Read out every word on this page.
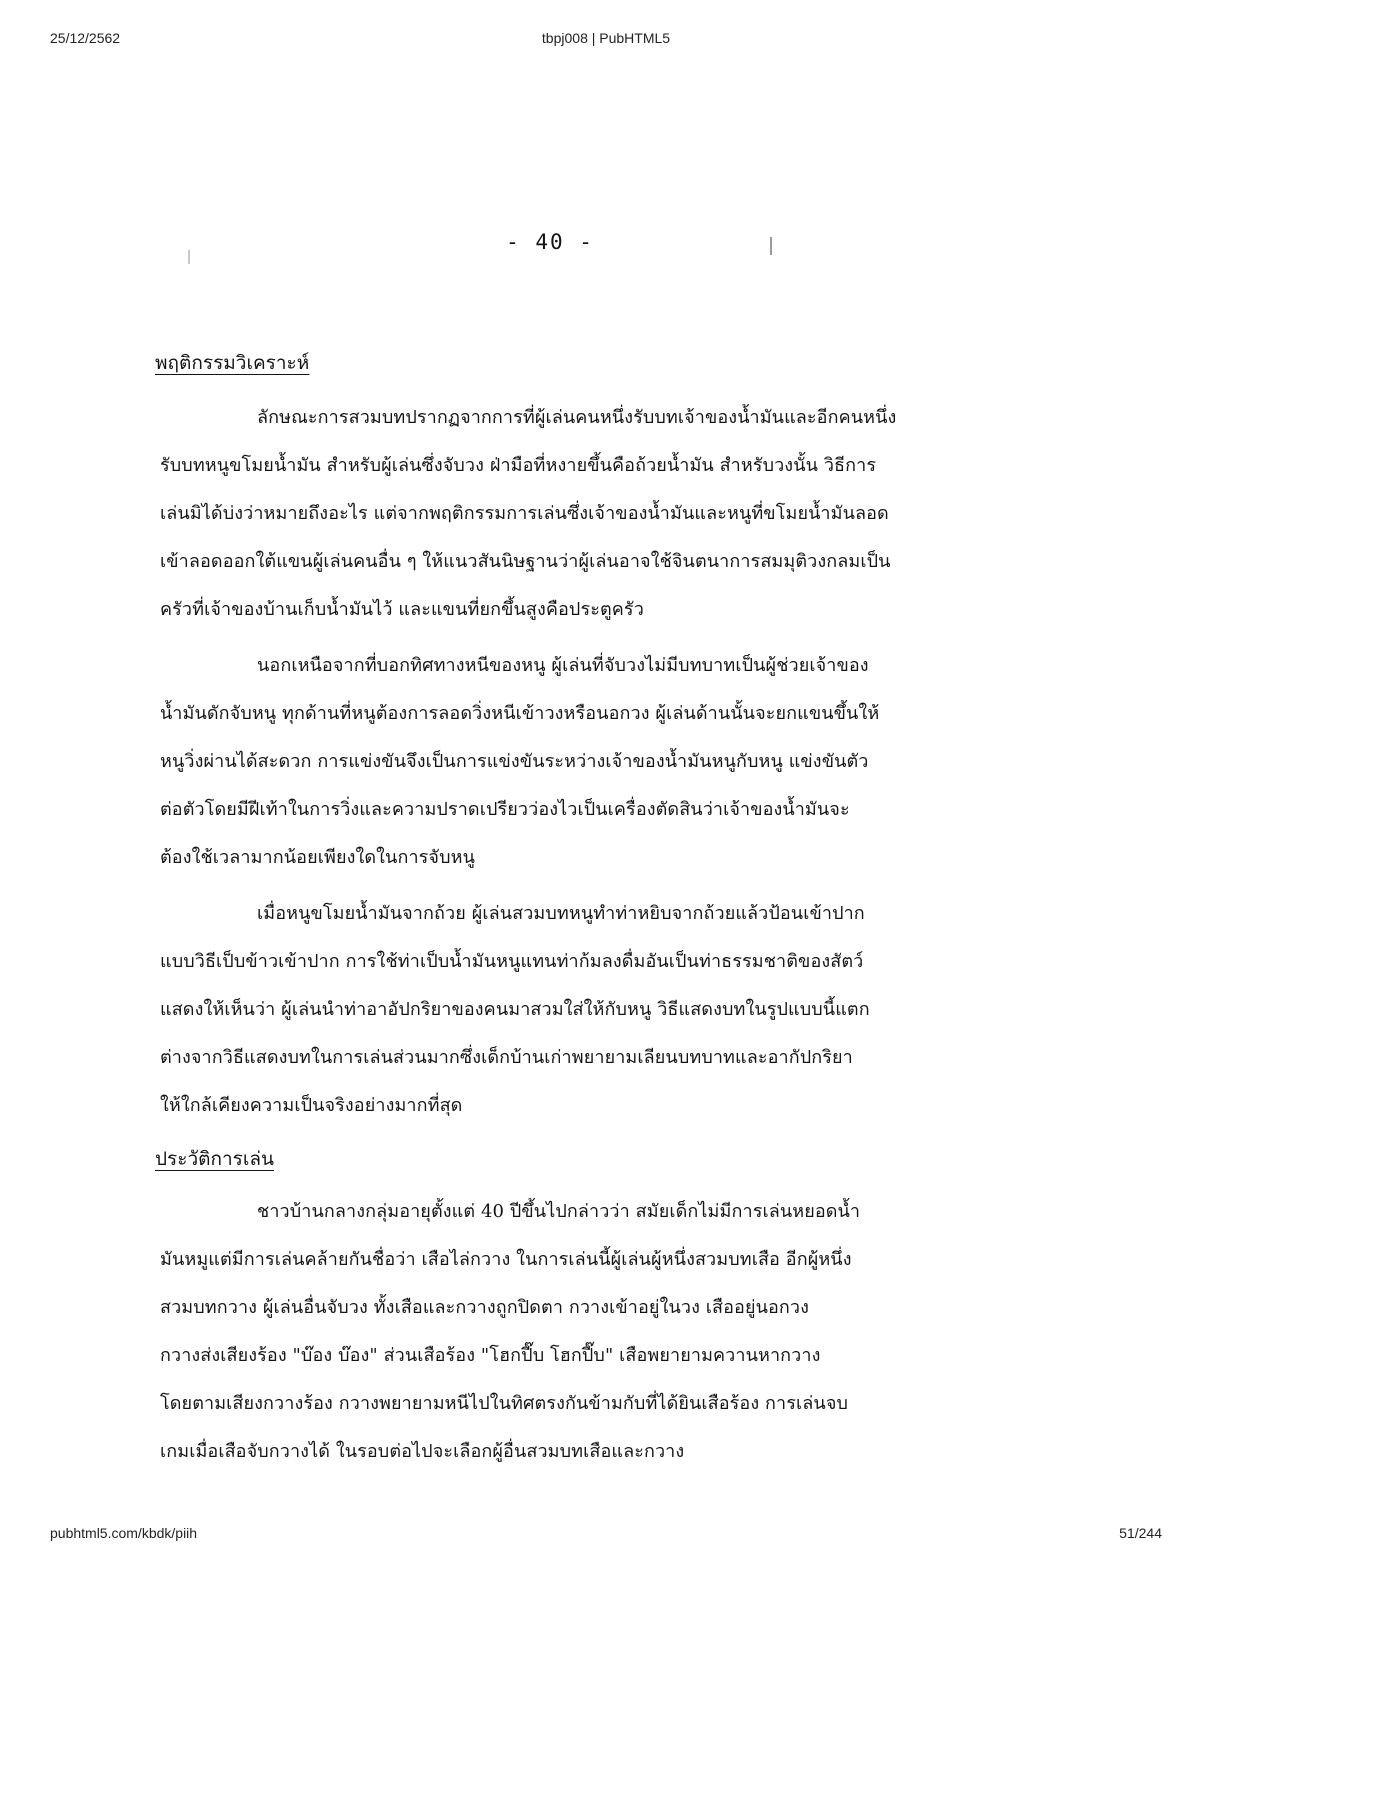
25/12/2562	tbpj008 | PubHTML5
- 40 -
พฤติกรรมวิเคราะห์
ลักษณะการสวมบทปรากฏจากการที่ผู้เล่นคนหนึ่งรับบทเจ้าของน้ำมันและอีกคนหนึ่ง
รับบทหนูขโมยน้ำมัน สำหรับผู้เล่นซึ่งจับวง ฝ่ามือที่หงายขึ้นคือถ้วยน้ำมัน สำหรับวงนั้น วิธีการ
เล่นมิได้บ่งว่าหมายถึงอะไร แต่จากพฤติกรรมการเล่นซึ่งเจ้าของน้ำมันและหนูที่ขโมยน้ำมันลอด
เข้าลอดออกใต้แขนผู้เล่นคนอื่น ๆ ให้แนวสันนิษฐานว่าผู้เล่นอาจใช้จินตนาการสมมุติวงกลมเป็น
ครัวที่เจ้าของบ้านเก็บน้ำมันไว้ และแขนที่ยกขึ้นสูงคือประตูครัว
นอกเหนือจากที่บอกทิศทางหนีของหนู ผู้เล่นที่จับวงไม่มีบทบาทเป็นผู้ช่วยเจ้าของ
น้ำมันดักจับหนู ทุกด้านที่หนูต้องการลอดวิ่งหนีเข้าวงหรือนอกวง ผู้เล่นด้านนั้นจะยกแขนขึ้นให้
หนูวิ่งผ่านได้สะดวก การแข่งขันจึงเป็นการแข่งขันระหว่างเจ้าของน้ำมันหนูกับหนู แข่งขันตัว
ต่อตัวโดยมีฝีเท้าในการวิ่งและความปราดเปรียวว่องไวเป็นเครื่องตัดสินว่าเจ้าของน้ำมันจะ
ต้องใช้เวลามากน้อยเพียงใดในการจับหนู
เมื่อหนูขโมยน้ำมันจากถ้วย ผู้เล่นสวมบทหนูทำท่าหยิบจากถ้วยแล้วป้อนเข้าปาก
แบบวิธีเป็บข้าวเข้าปาก การใช้ท่าเป็บน้ำมันหนูแทนท่าก้มลงดื่มอันเป็นท่าธรรมชาติของสัตว์
แสดงให้เห็นว่า ผู้เล่นนำท่าอาอัปกริยาของคนมาสวมใส่ให้กับหนู วิธีแสดงบทในรูปแบบนี้แตก
ต่างจากวิธีแสดงบทในการเล่นส่วนมากซึ่งเด็กบ้านเก่าพยายามเลียนบทบาทและอากัปกริยา
ให้ใกล้เคียงความเป็นจริงอย่างมากที่สุด
ประวัติการเล่น
ชาวบ้านกลางกลุ่มอายุตั้งแต่ 40 ปีขึ้นไปกล่าวว่า สมัยเด็กไม่มีการเล่นหยอดน้ำ
มันหมูแต่มีการเล่นคล้ายกันชื่อว่า เสือไล่กวาง ในการเล่นนี้ผู้เล่นผู้หนึ่งสวมบทเสือ อีกผู้หนึ่ง
สวมบทกวาง ผู้เล่นอื่นจับวง ทั้งเสือและกวางถูกปิดตา กวางเข้าอยู่ในวง เสืออยู่นอกวง
กวางส่งเสียงร้อง "บ๊อง บ๊อง" ส่วนเสือร้อง "โฮกปี๊บ โฮกปี๊บ" เสือพยายามควานหากวาง
โดยตามเสียงกวางร้อง กวางพยายามหนีไปในทิศตรงกันข้ามกับที่ได้ยินเสือร้อง การเล่นจบ
เกมเมื่อเสือจับกวางได้ ในรอบต่อไปจะเลือกผู้อื่นสวมบทเสือและกวาง
pubhtml5.com/kbdk/piih	51/244
